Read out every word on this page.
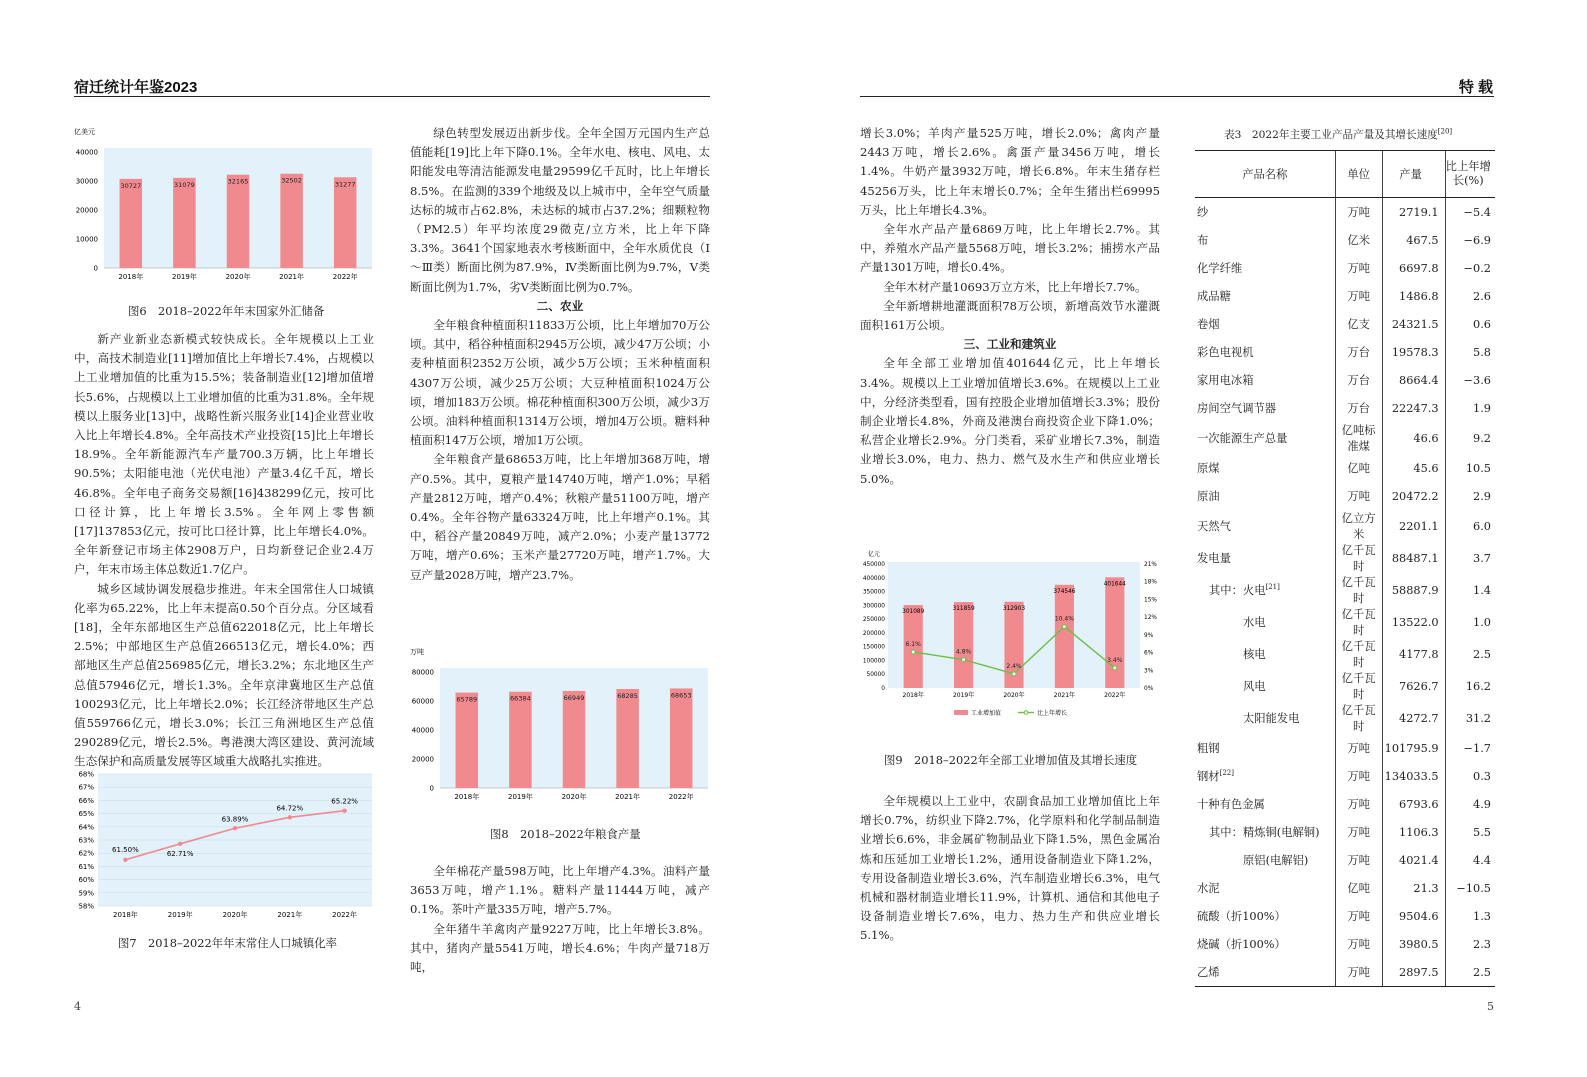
宿迁统计年鉴2023	特 载
亿美元
0
10000
20000
30000
40000
30727
2018年
31079
2019年
32165
2020年
32502
2021年
31277
2022年
图6　2018–2022年年末国家外汇储备

新产业新业态新模式较快成长。全年规模以上工业中，高技术制造业[11]增加值比上年增长7.4%，占规模以上工业增加值的比重为15.5%；装备制造业[12]增加值增长5.6%，占规模以上工业增加值的比重为31.8%。全年规模以上服务业[13]中，战略性新兴服务业[14]企业营业收入比上年增长4.8%。全年高技术产业投资[15]比上年增长18.9%。全年新能源汽车产量700.3万辆，比上年增长90.5%；太阳能电池（光伏电池）产量3.4亿千瓦，增长46.8%。全年电子商务交易额[16]438299亿元，按可比口径计算，比上年增长3.5%。全年网上零售额[17]137853亿元，按可比口径计算，比上年增长4.0%。全年新登记市场主体2908万户，日均新登记企业2.4万户，年末市场主体总数近1.7亿户。

城乡区域协调发展稳步推进。年末全国常住人口城镇化率为65.22%，比上年末提高0.50个百分点。分区域看[18]，全年东部地区生产总值622018亿元，比上年增长2.5%；中部地区生产总值266513亿元，增长4.0%；西部地区生产总值256985亿元，增长3.2%；东北地区生产总值57946亿元，增长1.3%。全年京津冀地区生产总值100293亿元，比上年增长2.0%；长江经济带地区生产总值559766亿元，增长3.0%；长江三角洲地区生产总值290289亿元，增长2.5%。粤港澳大湾区建设、黄河流域生态保护和高质量发展等区域重大战略扎实推进。

58%
59%
60%
61%
62%
63%
64%
65%
66%
67%
68%
61.50%
2018年
62.71%
2019年
63.89%
2020年
64.72%
2021年
65.22%
2022年
图7　2018–2022年年末常住人口城镇化率

绿色转型发展迈出新步伐。全年全国万元国内生产总值能耗[19]比上年下降0.1%。全年水电、核电、风电、太阳能发电等清洁能源发电量29599亿千瓦时，比上年增长8.5%。在监测的339个地级及以上城市中，全年空气质量达标的城市占62.8%，未达标的城市占37.2%；细颗粒物（PM2.5）年平均浓度29微克/立方米，比上年下降3.3%。3641个国家地表水考核断面中，全年水质优良（Ⅰ～Ⅲ类）断面比例为87.9%，Ⅳ类断面比例为9.7%，Ⅴ类断面比例为1.7%，劣Ⅴ类断面比例为0.7%。

二、农业

全年粮食种植面积11833万公顷，比上年增加70万公顷。其中，稻谷种植面积2945万公顷，减少47万公顷；小麦种植面积2352万公顷，减少5万公顷；玉米种植面积4307万公顷，减少25万公顷；大豆种植面积1024万公顷，增加183万公顷。棉花种植面积300万公顷，减少3万公顷。油料种植面积1314万公顷，增加4万公顷。糖料种植面积147万公顷，增加1万公顷。

全年粮食产量68653万吨，比上年增加368万吨，增产0.5%。其中，夏粮产量14740万吨，增产1.0%；早稻产量2812万吨，增产0.4%；秋粮产量51100万吨，增产0.4%。全年谷物产量63324万吨，比上年增产0.1%。其中，稻谷产量20849万吨，减产2.0%；小麦产量13772万吨，增产0.6%；玉米产量27720万吨，增产1.7%。大豆产量2028万吨，增产23.7%。

万吨
0
20000
40000
60000
80000
65789
2018年
66384
2019年
66949
2020年
68285
2021年
68653
2022年
图8　2018–2022年粮食产量

全年棉花产量598万吨，比上年增产4.3%。油料产量3653万吨，增产1.1%。糖料产量11444万吨，减产0.1%。茶叶产量335万吨，增产5.7%。

全年猪牛羊禽肉产量9227万吨，比上年增长3.8%。其中，猪肉产量5541万吨，增长4.6%；牛肉产量718万吨，

增长3.0%；羊肉产量525万吨，增长2.0%；禽肉产量2443万吨，增长2.6%。禽蛋产量3456万吨，增长1.4%。牛奶产量3932万吨，增长6.8%。年末生猪存栏45256万头，比上年末增长0.7%；全年生猪出栏69995万头，比上年增长4.3%。

全年水产品产量6869万吨，比上年增长2.7%。其中，养殖水产品产量5568万吨，增长3.2%；捕捞水产品产量1301万吨，增长0.4%。

全年木材产量10693万立方米，比上年增长7.7%。

全年新增耕地灌溉面积78万公顷，新增高效节水灌溉面积161万公顷。

三、工业和建筑业

全年全部工业增加值401644亿元，比上年增长3.4%。规模以上工业增加值增长3.6%。在规模以上工业中，分经济类型看，国有控股企业增加值增长3.3%；股份制企业增长4.8%，外商及港澳台商投资企业下降1.0%；私营企业增长2.9%。分门类看，采矿业增长7.3%，制造业增长3.0%，电力、热力、燃气及水生产和供应业增长5.0%。

亿元
0
50000
100000
150000
200000
250000
300000
350000
400000
450000
0%
3%
6%
9%
12%
15%
18%
21%
301089
2018年
311859
2019年
312903
2020年
374546
2021年
401644
2022年
6.1%
4.8%
2.4%
10.4%
3.4%
工业增加值	比上年增长
图9　2018–2022年全部工业增加值及其增长速度

全年规模以上工业中，农副食品加工业增加值比上年增长0.7%，纺织业下降2.7%，化学原料和化学制品制造业增长6.6%，非金属矿物制品业下降1.5%，黑色金属冶炼和压延加工业增长1.2%，通用设备制造业下降1.2%，专用设备制造业增长3.6%，汽车制造业增长6.3%，电气机械和器材制造业增长11.9%，计算机、通信和其他电子设备制造业增长7.6%，电力、热力生产和供应业增长5.1%。

表3　2022年主要工业产品产量及其增长速度[20]
产品名称	单位	产量	比上年增长(%)
纱	万吨	2719.1	−5.4
布	亿米	467.5	−6.9
化学纤维	万吨	6697.8	−0.2
成品糖	万吨	1486.8	2.6
卷烟	亿支	24321.5	0.6
彩色电视机	万台	19578.3	5.8
家用电冰箱	万台	8664.4	−3.6
房间空气调节器	万台	22247.3	1.9
一次能源生产总量	亿吨标准煤	46.6	9.2
原煤	亿吨	45.6	10.5
原油	万吨	20472.2	2.9
天然气	亿立方米	2201.1	6.0
发电量	亿千瓦时	88487.1	3.7
其中：火电[21]	亿千瓦时	58887.9	1.4
水电	亿千瓦时	13522.0	1.0
核电	亿千瓦时	4177.8	2.5
风电	亿千瓦时	7626.7	16.2
太阳能发电	亿千瓦时	4272.7	31.2
粗钢	万吨	101795.9	−1.7
钢材[22]	万吨	134033.5	0.3
十种有色金属	万吨	6793.6	4.9
其中：精炼铜(电解铜)	万吨	1106.3	5.5
原铝(电解铝)	万吨	4021.4	4.4
水泥	亿吨	21.3	−10.5
硫酸（折100%）	万吨	9504.6	1.3
烧碱（折100%）	万吨	3980.5	2.3
乙烯	万吨	2897.5	2.5
4	5
